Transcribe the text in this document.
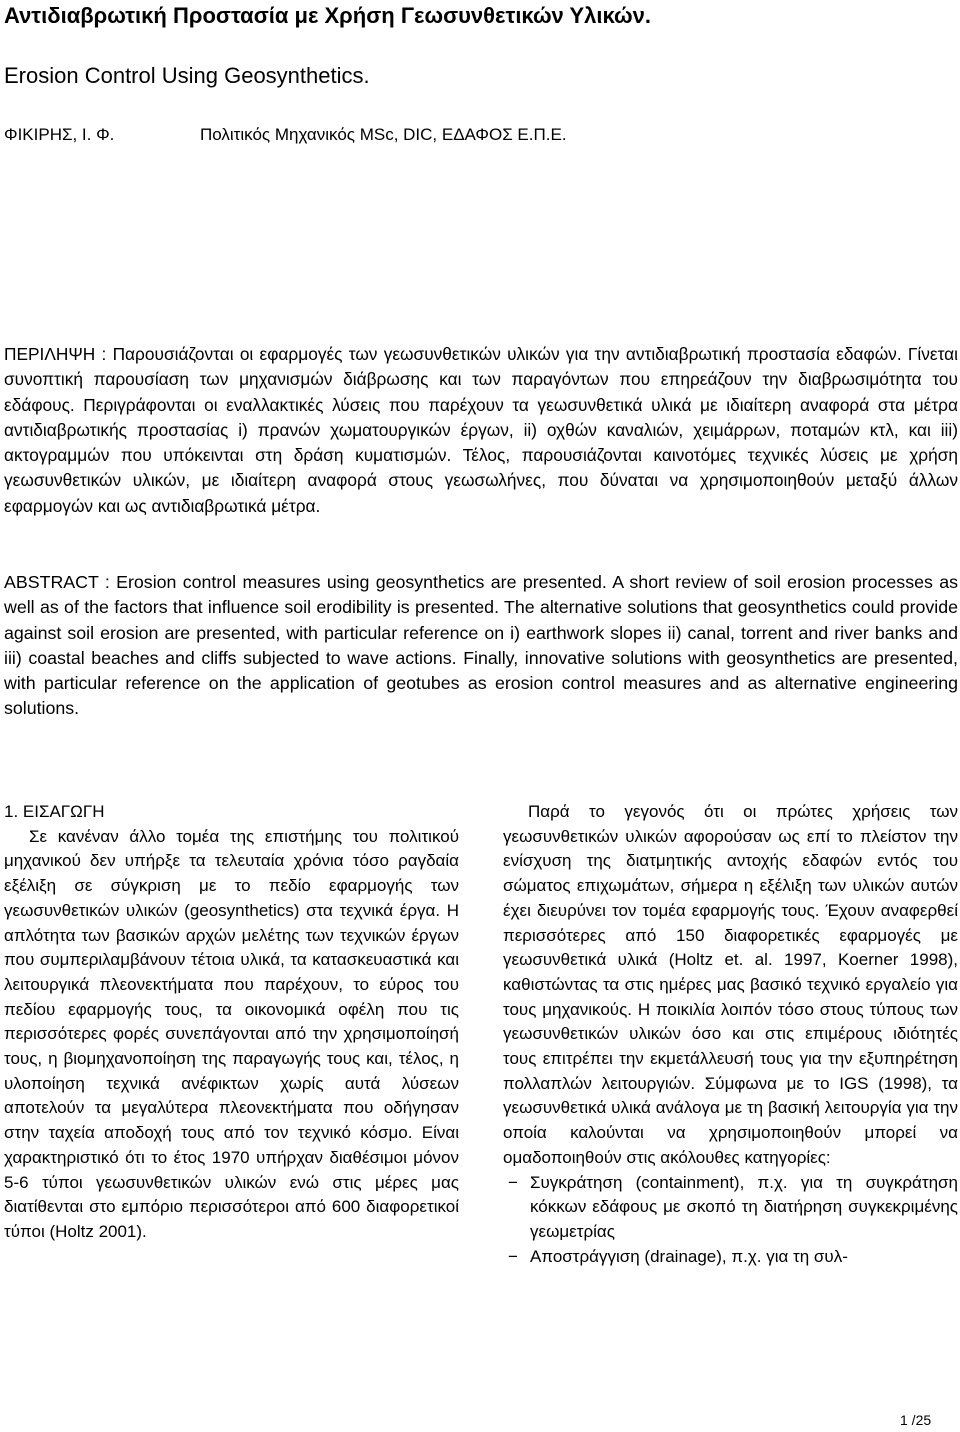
Αντιδιαβρωτική Προστασία με Χρήση Γεωσυνθετικών Υλικών.
Erosion Control Using Geosynthetics.
ΦΙΚΙΡΗΣ, Ι. Φ.	Πολιτικός Μηχανικός MSc, DIC, ΕΔΑΦΟΣ Ε.Π.Ε.

ΠΕΡΙΛΗΨΗ : Παρουσιάζονται οι εφαρμογές των γεωσυνθετικών υλικών για την αντιδιαβρωτική προστασία εδαφών. Γίνεται συνοπτική παρουσίαση των μηχανισμών διάβρωσης και των παραγόντων που επηρεάζουν την διαβρωσιμότητα του εδάφους. Περιγράφονται οι εναλλακτικές λύσεις που παρέχουν τα γεωσυνθετικά υλικά με ιδιαίτερη αναφορά στα μέτρα αντιδιαβρωτικής προστασίας i) πρανών χωματουργικών έργων, ii) οχθών καναλιών, χειμάρρων, ποταμών κτλ, και iii) ακτογραμμών που υπόκεινται στη δράση κυματισμών. Τέλος, παρουσιάζονται καινοτόμες τεχνικές λύσεις με χρήση γεωσυνθετικών υλικών, με ιδιαίτερη αναφορά στους γεωσωλήνες, που δύναται να χρησιμοποιηθούν μεταξύ άλλων εφαρμογών και ως αντιδιαβρωτικά μέτρα.

ABSTRACT : Erosion control measures using geosynthetics are presented. A short review of soil erosion processes as well as of the factors that influence soil erodibility is presented. The alternative solutions that geosynthetics could provide against soil erosion are presented, with particular reference on i) earthwork slopes ii) canal, torrent and river banks and iii) coastal beaches and cliffs subjected to wave actions. Finally, innovative solutions with geosynthetics are presented, with particular reference on the application of geotubes as erosion control measures and as alternative engineering solutions.

1. ΕΙΣΑΓΩΓΗ

Σε κανέναν άλλο τομέα της επιστήμης του πολιτικού μηχανικού δεν υπήρξε τα τελευταία χρόνια τόσο ραγδαία εξέλιξη σε σύγκριση με το πεδίο εφαρμογής των γεωσυνθετικών υλικών (geosynthetics) στα τεχνικά έργα. Η απλότητα των βασικών αρχών μελέτης των τεχνικών έργων που συμπεριλαμβάνουν τέτοια υλικά, τα κατασκευαστικά και λειτουργικά πλεονεκτήματα που παρέχουν, το εύρος του πεδίου εφαρμογής τους, τα οικονομικά οφέλη που τις περισσότερες φορές συνεπάγονται από την χρησιμοποίησή τους, η βιομηχανοποίηση της παραγωγής τους και, τέλος, η υλοποίηση τεχνικά ανέφικτων χωρίς αυτά λύσεων αποτελούν τα μεγαλύτερα πλεονεκτήματα που οδήγησαν στην ταχεία αποδοχή τους από τον τεχνικό κόσμο. Είναι χαρακτηριστικό ότι το έτος 1970 υπήρχαν διαθέσιμοι μόνον 5-6 τύποι γεωσυνθετικών υλικών ενώ στις μέρες μας διατίθενται στο εμπόριο περισσότεροι από 600 διαφορετικοί τύποι (Holtz 2001).

Παρά το γεγονός ότι οι πρώτες χρήσεις των γεωσυνθετικών υλικών αφορούσαν ως επί το πλείστον την ενίσχυση της διατμητικής αντοχής εδαφών εντός του σώματος επιχωμάτων, σήμερα η εξέλιξη των υλικών αυτών έχει διευρύνει τον τομέα εφαρμογής τους. Έχουν αναφερθεί περισσότερες από 150 διαφορετικές εφαρμογές με γεωσυνθετικά υλικά (Holtz et. al. 1997, Koerner 1998), καθιστώντας τα στις ημέρες μας βασικό τεχνικό εργαλείο για τους μηχανικούς. Η ποικιλία λοιπόν τόσο στους τύπους των γεωσυνθετικών υλικών όσο και στις επιμέρους ιδιότητές τους επιτρέπει την εκμετάλλευσή τους για την εξυπηρέτηση πολλαπλών λειτουργιών. Σύμφωνα με το IGS (1998), τα γεωσυνθετικά υλικά ανάλογα με τη βασική λειτουργία για την οποία καλούνται να χρησιμοποιηθούν μπορεί να ομαδοποιηθούν στις ακόλουθες κατηγορίες:

− Συγκράτηση (containment), π.χ. για τη συγκράτηση κόκκων εδάφους με σκοπό τη διατήρηση συγκεκριμένης γεωμετρίας
− Αποστράγγιση (drainage), π.χ. για τη συλ-
1 /25
